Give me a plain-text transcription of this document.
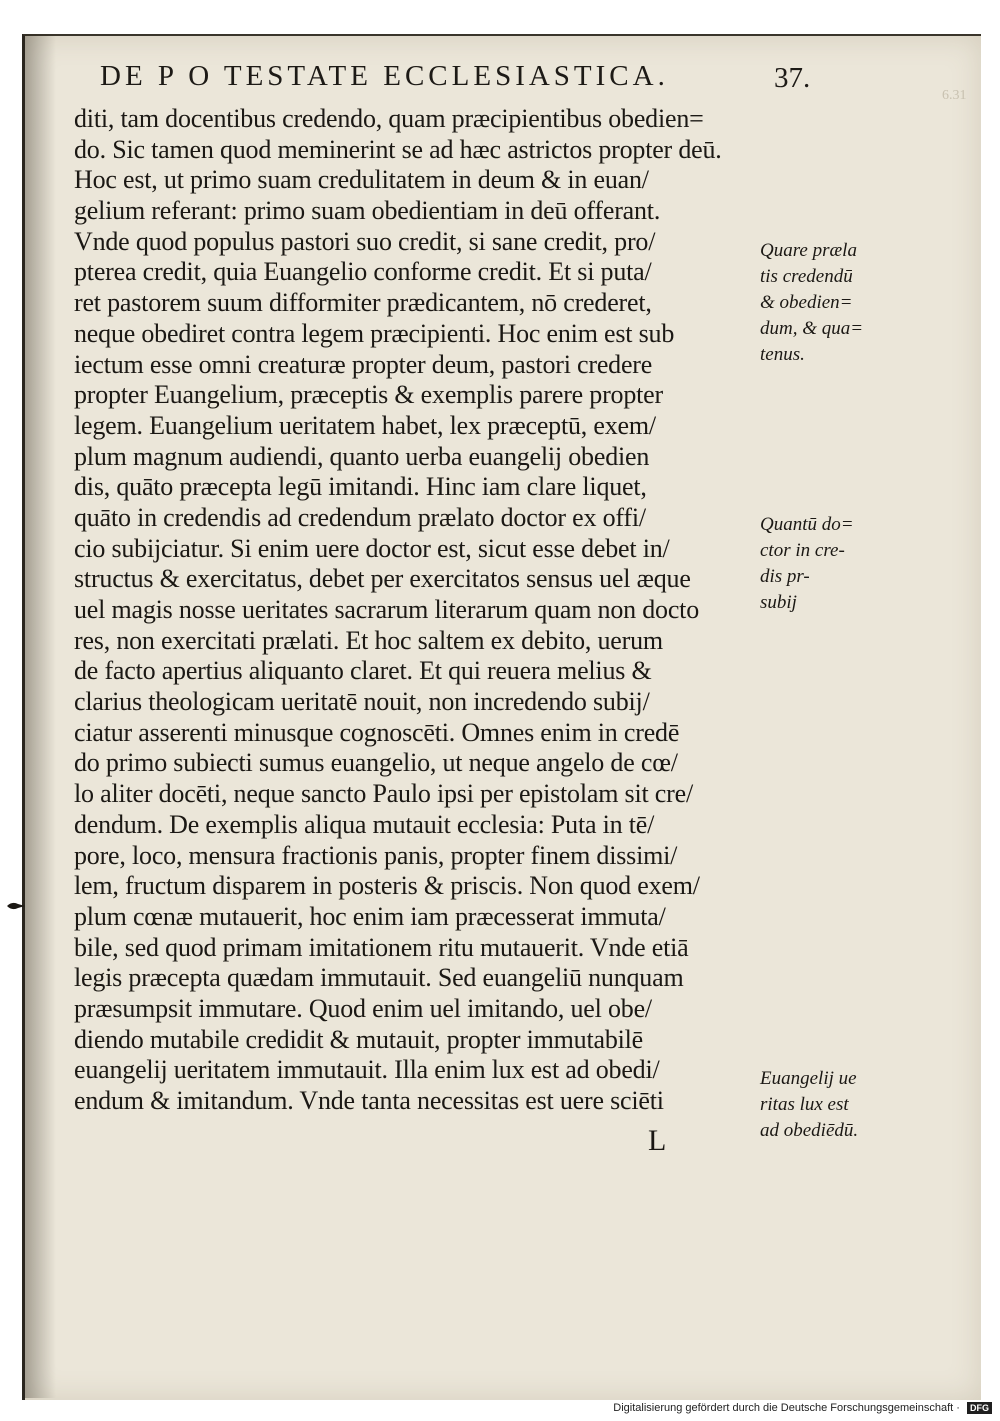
DE P O TESTATE ECCLESIASTICA.	37.
6.31
diti, tam docentibus credendo, quam præcipientibus obedien=
do. Sic tamen quod meminerint se ad hæc astrictos propter deū.
Hoc est, ut primo suam credulitatem in deum & in euan/
gelium referant: primo suam obedientiam in deū offerant.
Vnde quod populus pastori suo credit, si sane credit, pro/
pterea credit, quia Euangelio conforme credit. Et si puta/
ret pastorem suum difformiter prædicantem, nō crederet,
neque obediret contra legem præcipienti. Hoc enim est sub
iectum esse omni creaturæ propter deum, pastori credere
propter Euangelium, præceptis & exemplis parere propter
legem. Euangelium ueritatem habet, lex præceptū, exem/
plum magnum audiendi, quanto uerba euangelij obedien
dis, quāto præcepta legū imitandi. Hinc iam clare liquet,
quāto in credendis ad credendum prælato doctor ex offi/
cio subijciatur. Si enim uere doctor est, sicut esse debet in/
structus & exercitatus, debet per exercitatos sensus uel æque
uel magis nosse ueritates sacrarum literarum quam non docto
res, non exercitati prælati. Et hoc saltem ex debito, uerum
de facto apertius aliquanto claret. Et qui reuera melius &
clarius theologicam ueritatē nouit, non incredendo subij/
ciatur asserenti minusque cognoscēti. Omnes enim in credē
do primo subiecti sumus euangelio, ut neque angelo de cœ/
lo aliter docēti, neque sancto Paulo ipsi per epistolam sit cre/
dendum. De exemplis aliqua mutauit ecclesia: Puta in tē/
pore, loco, mensura fractionis panis, propter finem dissimi/
lem, fructum disparem in posteris & priscis. Non quod exem/
plum cœnæ mutauerit, hoc enim iam præcesserat immuta/
bile, sed quod primam imitationem ritu mutauerit. Vnde etiā
legis præcepta quædam immutauit. Sed euangeliū nunquam
præsumpsit immutare. Quod enim uel imitando, uel obe/
diendo mutabile credidit & mutauit, propter immutabilē
euangelij ueritatem immutauit. Illa enim lux est ad obedi/
endum & imitandum. Vnde tanta necessitas est uere sciēti
Quare prælа
tis credendū
& obedien=
dum, & qua=
tenus.
Quantū do=
ctor in cre-
dis pr-
subij
Euangelij ue
ritas lux est
ad obediēdū.
L
Digitalisierung gefördert durch die Deutsche Forschungsgemeinschaft · DFG
